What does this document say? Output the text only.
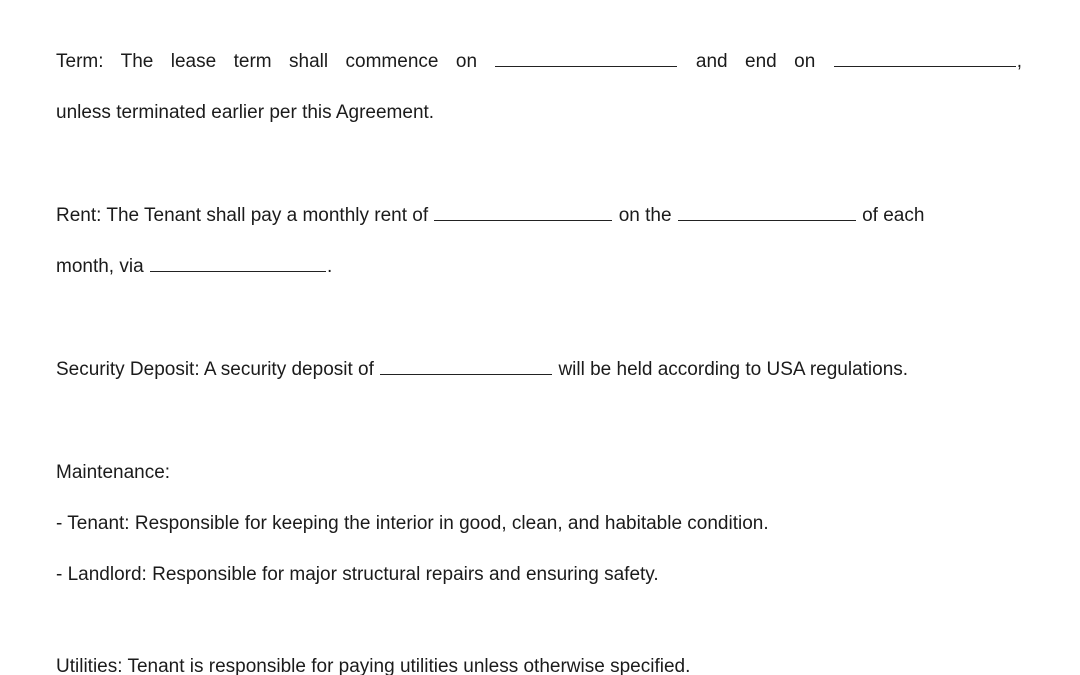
Term: The lease term shall commence on	and end on	,
unless terminated earlier per this Agreement.
Rent: The Tenant shall pay a monthly rent of	on the	of each
month, via	.
Security Deposit: A security deposit of	will be held according to USA regulations.
Maintenance:
- Tenant: Responsible for keeping the interior in good, clean, and habitable condition.
- Landlord: Responsible for major structural repairs and ensuring safety.
Utilities: Tenant is responsible for paying utilities unless otherwise specified.
